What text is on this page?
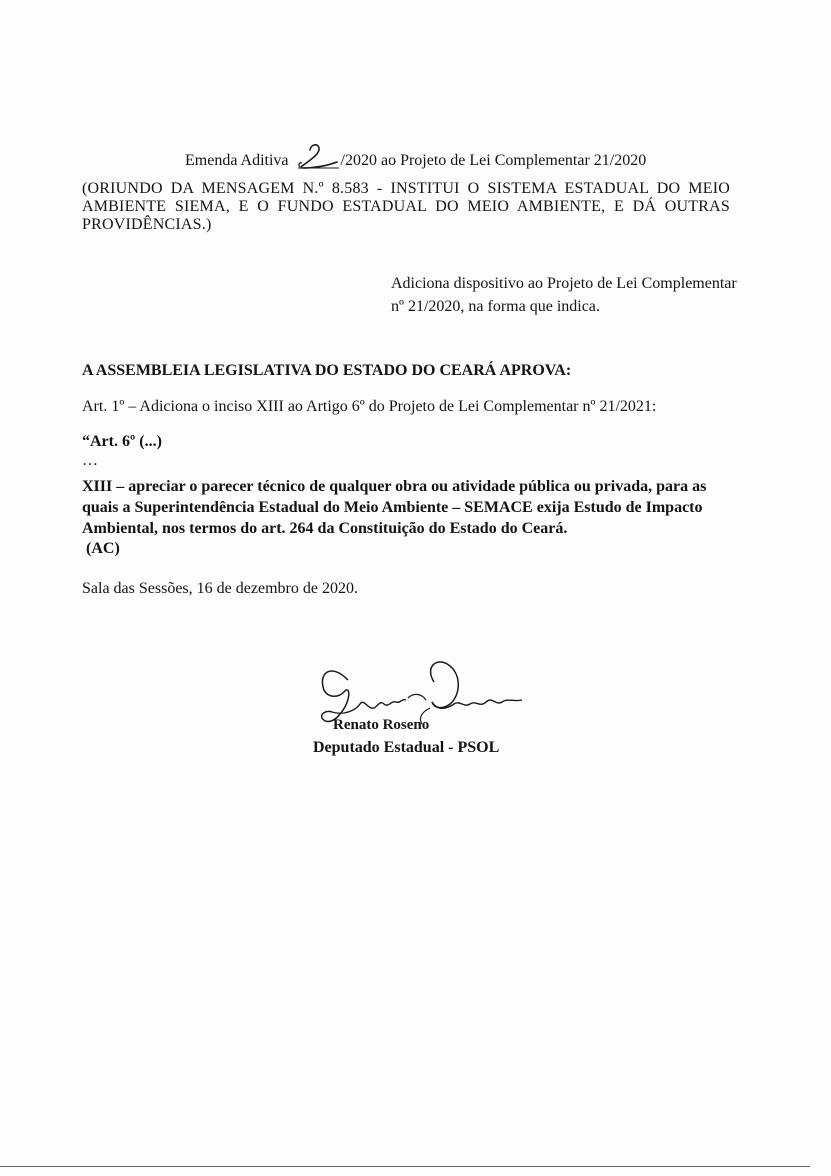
Emenda Aditiva	/2020 ao Projeto de Lei Complementar 21/2020
(ORIUNDO DA MENSAGEM N.º 8.583 - INSTITUI O SISTEMA ESTADUAL DO MEIO AMBIENTE SIEMA, E O FUNDO ESTADUAL DO MEIO AMBIENTE, E DÁ OUTRAS PROVIDÊNCIAS.)
Adiciona dispositivo ao Projeto de Lei Complementar nº 21/2020, na forma que indica.
A ASSEMBLEIA LEGISLATIVA DO ESTADO DO CEARÁ APROVA:
Art. 1º – Adiciona o inciso XIII ao Artigo 6º do Projeto de Lei Complementar nº 21/2021:
“Art. 6º (...)
…
XIII – apreciar o parecer técnico de qualquer obra ou atividade pública ou privada, para as quais a Superintendência Estadual do Meio Ambiente – SEMACE exija Estudo de Impacto Ambiental, nos termos do art. 264 da Constituição do Estado do Ceará.
(AC)
Sala das Sessões, 16 de dezembro de 2020.
Renato Roseno
Deputado Estadual - PSOL
